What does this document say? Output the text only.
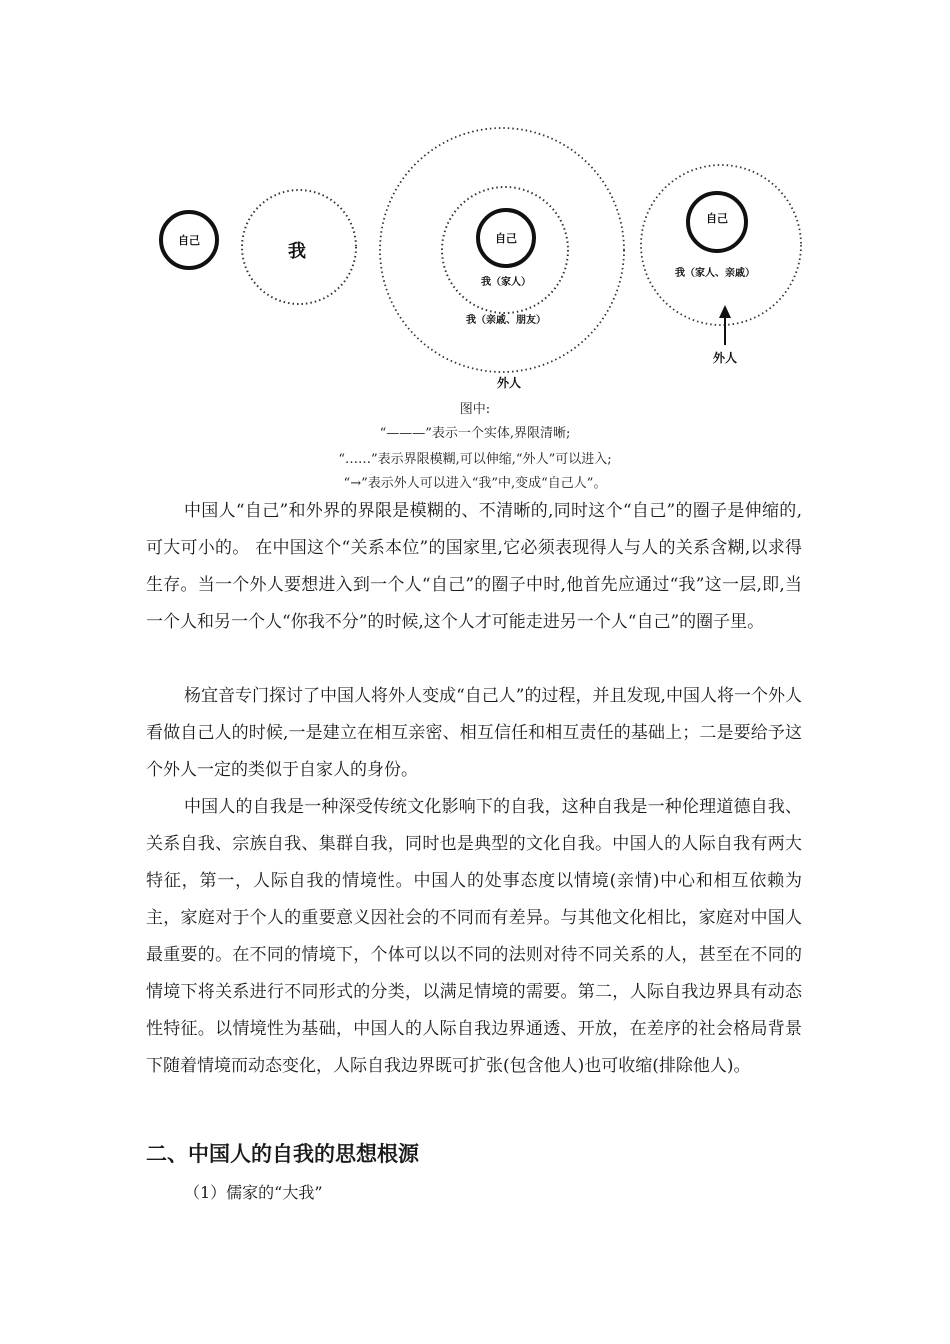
自己
我
自己
我（家人）
我（亲戚、朋友）
外人
自己
我（家人、亲戚）
外人
图中:
“———”表示一个实体,界限清晰;
“……”表示界限模糊,可以伸缩,“外人”可以进入;
“→”表示外人可以进入“我”中,变成“自己人”。

中国人“自己”和外界的界限是模糊的、不清晰的,同时这个“自己”的圈子是伸缩的,可大可小的。 在中国这个“关系本位”的国家里,它必须表现得人与人的关系含糊,以求得生存。当一个外人要想进入到一个人“自己”的圈子中时,他首先应通过“我”这一层,即,当一个人和另一个人“你我不分”的时候,这个人才可能走进另一个人“自己”的圈子里。

杨宜音专门探讨了中国人将外人变成“自己人”的过程，并且发现,中国人将一个外人看做自己人的时候,一是建立在相互亲密、相互信任和相互责任的基础上；二是要给予这个外人一定的类似于自家人的身份。

中国人的自我是一种深受传统文化影响下的自我，这种自我是一种伦理道德自我、关系自我、宗族自我、集群自我，同时也是典型的文化自我。中国人的人际自我有两大特征，第一，人际自我的情境性。中国人的处事态度以情境(亲情)中心和相互依赖为主，家庭对于个人的重要意义因社会的不同而有差异。与其他文化相比，家庭对中国人最重要的。在不同的情境下，个体可以以不同的法则对待不同关系的人，甚至在不同的情境下将关系进行不同形式的分类，以满足情境的需要。第二，人际自我边界具有动态性特征。以情境性为基础，中国人的人际自我边界通透、开放，在差序的社会格局背景下随着情境而动态变化，人际自我边界既可扩张(包含他人)也可收缩(排除他人)。

二、中国人的自我的思想根源

（1）儒家的“大我”
